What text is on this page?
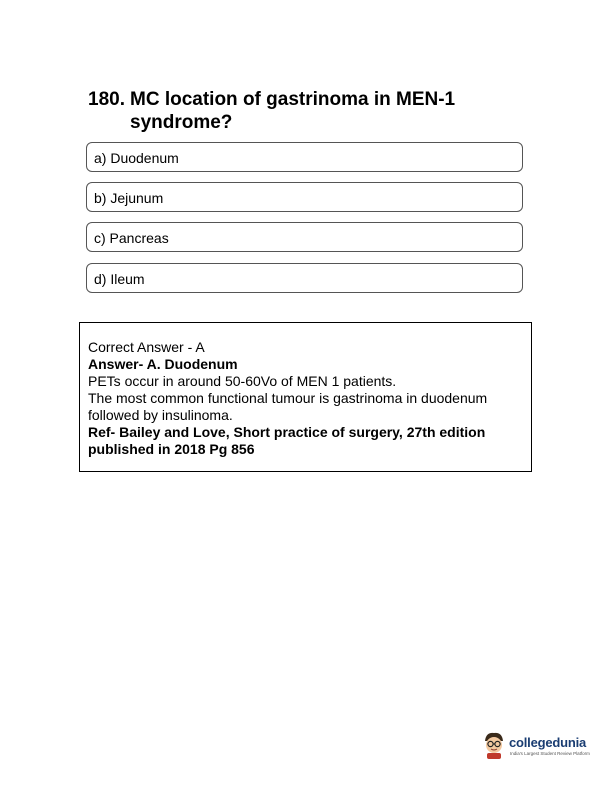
180. MC location of gastrinoma in MEN-1 syndrome?
a) Duodenum
b) Jejunum
c) Pancreas
d) Ileum
Correct Answer - A
Answer- A. Duodenum
PETs occur in around 50-60Vo of MEN 1 patients.
The most common functional tumour is gastrinoma in duodenum followed by insulinoma.
Ref- Bailey and Love, Short practice of surgery, 27th edition published in 2018 Pg 856
collegedunia
India's Largest Student Review Platform
